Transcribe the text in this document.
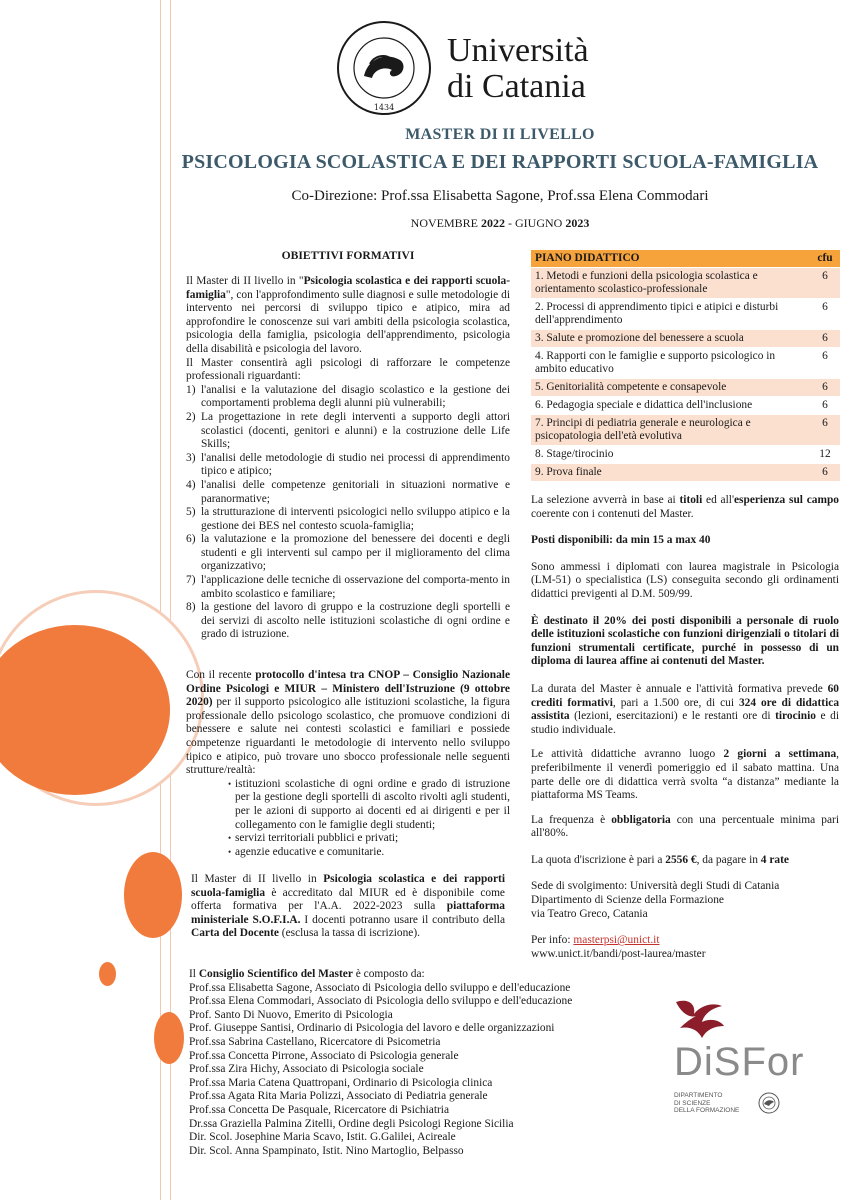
1434
Università
di Catania
MASTER DI II LIVELLO
PSICOLOGIA SCOLASTICA E DEI RAPPORTI SCUOLA-FAMIGLIA
Co-Direzione: Prof.ssa Elisabetta Sagone, Prof.ssa Elena Commodari
NOVEMBRE 2022 - GIUGNO 2023
OBIETTIVI FORMATIVI

Il Master di II livello in "Psicologia scolastica e dei rapporti scuola-famiglia", con l'approfondimento sulle diagnosi e sulle metodologie di intervento nei percorsi di sviluppo tipico e atipico, mira ad approfondire le conoscenze sui vari ambiti della psicologia scolastica, psicologia della famiglia, psicologia dell'apprendimento, psicologia della disabilità e psicologia del lavoro.

Il Master consentirà agli psicologi di rafforzare le competenze professionali riguardanti:

1) l'analisi e la valutazione del disagio scolastico e la gestione dei comportamenti problema degli alunni più vulnerabili;
2) La progettazione in rete degli interventi a supporto degli attori scolastici (docenti, genitori e alunni) e la costruzione delle Life Skills;
3) l'analisi delle metodologie di studio nei processi di apprendimento tipico e atipico;
4) l'analisi delle competenze genitoriali in situazioni normative e paranormative;
5) la strutturazione di interventi psicologici nello sviluppo atipico e la gestione dei BES nel contesto scuola-famiglia;
6) la valutazione e la promozione del benessere dei docenti e degli studenti e gli interventi sul campo per il miglioramento del clima organizzativo;
7) l'applicazione delle tecniche di osservazione del comporta-mento in ambito scolastico e familiare;
8) la gestione del lavoro di gruppo e la costruzione degli sportelli e dei servizi di ascolto nelle istituzioni scolastiche di ogni ordine e grado di istruzione.

Con il recente protocollo d'intesa tra CNOP – Consiglio Nazionale Ordine Psicologi e MIUR – Ministero dell'Istruzione (9 ottobre 2020) per il supporto psicologico alle istituzioni scolastiche, la figura professionale dello psicologo scolastico, che promuove condizioni di benessere e salute nei contesti scolastici e familiari e possiede competenze riguardanti le metodologie di intervento nello sviluppo tipico e atipico, può trovare uno sbocco professionale nelle seguenti strutture/realtà:

• istituzioni scolastiche di ogni ordine e grado di istruzione per la gestione degli sportelli di ascolto rivolti agli studenti, per le azioni di supporto ai docenti ed ai dirigenti e per il collegamento con le famiglie degli studenti;
• servizi territoriali pubblici e privati;
• agenzie educative e comunitarie.

Il Master di II livello in Psicologia scolastica e dei rapporti scuola-famiglia è accreditato dal MIUR ed è disponibile come offerta formativa per l'A.A. 2022-2023 sulla piattaforma ministeriale S.O.F.I.A. I docenti potranno usare il contributo della Carta del Docente (esclusa la tassa di iscrizione).

Il Consiglio Scientifico del Master è composto da:

Prof.ssa Elisabetta Sagone, Associato di Psicologia dello sviluppo e dell'educazione
Prof.ssa Elena Commodari, Associato di Psicologia dello sviluppo e dell'educazione
Prof. Santo Di Nuovo, Emerito di Psicologia
Prof. Giuseppe Santisi, Ordinario di Psicologia del lavoro e delle organizzazioni
Prof.ssa Sabrina Castellano, Ricercatore di Psicometria
Prof.ssa Concetta Pirrone, Associato di Psicologia generale
Prof.ssa Zira Hichy, Associato di Psicologia sociale
Prof.ssa Maria Catena Quattropani, Ordinario di Psicologia clinica
Prof.ssa Agata Rita Maria Polizzi, Associato di Pediatria generale
Prof.ssa Concetta De Pasquale, Ricercatore di Psichiatria
Dr.ssa Graziella Palmina Zitelli, Ordine degli Psicologi Regione Sicilia
Dir. Scol. Josephine Maria Scavo, Istit. G.Galilei, Acireale
Dir. Scol. Anna Spampinato, Istit. Nino Martoglio, Belpasso
PIANO DIDATTICO	cfu
1. Metodi e funzioni della psicologia scolastica e orientamento scolastico-professionale	6
2. Processi di apprendimento tipici e atipici e disturbi dell'apprendimento	6
3. Salute e promozione del benessere a scuola	6
4. Rapporti con le famiglie e supporto psicologico in ambito educativo	6
5. Genitorialità competente e consapevole	6
6. Pedagogia speciale e didattica dell'inclusione	6
7. Principi di pediatria generale e neurologica e psicopatologia dell'età evolutiva	6
8. Stage/tirocinio	12
9. Prova finale	6

La selezione avverrà in base ai titoli ed all'esperienza sul campo coerente con i contenuti del Master.

Posti disponibili: da min 15 a max 40

Sono ammessi i diplomati con laurea magistrale in Psicologia (LM-51) o specialistica (LS) conseguita secondo gli ordinamenti didattici previgenti al D.M. 509/99.

È destinato il 20% dei posti disponibili a personale di ruolo delle istituzioni scolastiche con funzioni dirigenziali o titolari di funzioni strumentali certificate, purché in possesso di un diploma di laurea affine ai contenuti del Master.

La durata del Master è annuale e l'attività formativa prevede 60 crediti formativi, pari a 1.500 ore, di cui 324 ore di didattica assistita (lezioni, esercitazioni) e le restanti ore di tirocinio e di studio individuale.

Le attività didattiche avranno luogo 2 giorni a settimana, preferibilmente il venerdì pomeriggio ed il sabato mattina. Una parte delle ore di didattica verrà svolta “a distanza” mediante la piattaforma MS Teams.

La frequenza è obbligatoria con una percentuale minima pari all'80%.

La quota d'iscrizione è pari a 2556 €, da pagare in 4 rate

Sede di svolgimento: Università degli Studi di Catania

Dipartimento di Scienze della Formazione

via Teatro Greco, Catania

Per info: masterpsi@unict.it

www.unict.it/bandi/post-laurea/master

DiSFor
DIPARTIMENTO
DI SCIENZE
DELLA FORMAZIONE
